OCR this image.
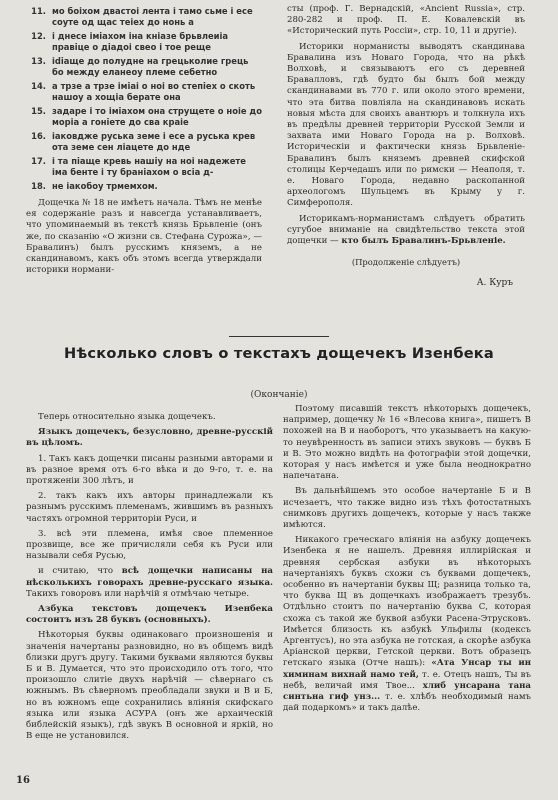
11. мо боіхом двастоі лента і тамо сьме і есе соуте од щас теіех до нонь а
12. і днесе імiахом іна кніазе брьвлеиіа правiце о дiадоі свео і тое реще
13. іdiаще до полудне на грецьколие грець бо между еланеоу племе себетно
14. а трзе а трзе імiаі о ноі во степiех о скоть нашоу а хощіа берате она
15. задаре і то імiахом она струщете о ноіе до моріа а гонiете до сва краіе
16. іаковдже руська земе і есе а руська крев ота земе сен ліацете до нде
17. і та пiаще кревь нашiу на ноі надежете іма бенте і ту бранiахом о всiа д-
18. не іакобоу трмемхом.

Дощечка № 18 не имѣетъ начала. Тѣмъ не менѣе ея содержаніе разъ и навсегда устанавливаетъ, что упоминаемый въ текстѣ князь Брьвленіе (онъ же, по сказанію «О жизни св. Стефана Сурожа», — Бравалинъ) былъ русскимъ княземъ, а не скандинавомъ, какъ объ этомъ всегда утверждали историки нормани-

сты (проф. Г. Вернадскій, «Ancient Russia», стр. 280-282 и проф. П. Е. Ковалевскій въ «Исторический путь Россіи», стр. 10, 11 и другіе).

Историки норманисты выводятъ скандинава Бравалина изъ Новаго Города, что на рѣкѣ Волховѣ, и связываютъ его съ деревней Бравалловъ, гдѣ будто бы былъ бой между скандинавами въ 770 г. или около этого времени, что эта битва повліяла на скандинавовъ искать новыя мѣста для своихъ авантюръ и толкнула ихъ въ предѣлы древней территоріи Русской Земли и захвата ими Новаго Города на р. Волховѣ. Историческіи и фактически князь Брьвленіе-Бравалинъ былъ княземъ древней скифской столицы Керчедашъ или по римски — Неаполя, т. е. Новаго Города, недавно раскопанной археологомъ Шульцемъ въ Крыму у г. Симферополя.

Историкамъ-норманистамъ слѣдуетъ обратить сугубое вниманіе на свидѣтельство текста этой дощечки — кто былъ Бравалинъ-Брьвленіе.

(Продолженіе слѣдуетъ)
А. Куръ
Нѣсколько словъ о текстахъ дощечекъ Изенбека
(Окончаніе)

Теперь относительно языка дощечекъ.

Языкъ дощечекъ, безусловно, древне-русскій въ цѣломъ.

1. Такъ какъ дощечки писаны разными авторами и въ разное время отъ 6-го вѣка и до 9-го, т. е. на протяженіи 300 лѣтъ, и

2. такъ какъ ихъ авторы принадлежали къ разнымъ русскимъ племенамъ, жившимъ въ разныхъ частяхъ огромной территоріи Руси, и

3. всѣ эти племена, имѣя свое племенное прозвище, все же причисляли себя къ Руси или называли себя Русью,

и считаю, что всѣ дощечки написаны на нѣсколькихъ говорахъ древне-русскаго языка. Такихъ говоровъ или нарѣчій я отмѣчаю четыре.

Азбука текстовъ дощечекъ Изенбека состоитъ изъ 28 буквъ (основныхъ).

Нѣкоторыя буквы одинаковаго произношенія и значенія начертаны разновидно, но въ общемъ видѣ близки другъ другу. Такими буквами являются буквы Б и В. Думается, что это происходило отъ того, что произошло слитіе двухъ нарѣчій — сѣвернаго съ южнымъ. Въ сѣверномъ преобладали звуки и В и Б, но въ южномъ еще сохранились вліянія скифскаго языка или языка АСУРА (онъ же архаическій библейскій языкъ), гдѣ звукъ В основной и яркій, но В еще не установился.

Поэтому писавшій текстъ нѣкоторыхъ дощечекъ, например, дощечку № 16 «Влесова книга», пишетъ В похожей на В и наоборотъ, что указываетъ на какую-то неувѣренность въ записи этихъ звуковъ — буквъ Б и В. Это можно видѣть на фотографіи этой дощечки, которая у насъ имѣется и уже была неоднократно напечатана.

Въ дальнѣйшемъ это особое начертаніе Б и В исчезаетъ, что также видно изъ тѣхъ фотостатныхъ снимковъ другихъ дощечекъ, которые у насъ также имѣются.

Никакого греческаго вліянія на азбуку дощечекъ Изенбека я не нашелъ. Древняя иллирійская и древняя сербская азбуки въ нѣкоторыхъ начертаніяхъ буквъ схожи съ буквами дощечекъ, особенно въ начертаніи буквы Щ; разница только та, что буква Щ въ дощечкахъ изображаетъ трезубъ. Отдѣльно стоитъ по начертанію буква С, которая схожа съ такой же буквой азбуки Расена-Этрусковъ. Имѣется близость къ азбукѣ Ульфилы (кодексъ Аргентусъ), но эта азбука не готская, а скорѣе азбука Аріанской церкви, Гетской церкви. Вотъ образецъ гетскаго языка (Отче нашъ): «Ата Унсар ты ин химинам вихнай намо тей, т. е. Отецъ нашъ, Ты въ небѣ, величай имя Твое... хлиб унсарана тана синтьна гиф унз... т. е. хлѣбъ необходимый намъ дай подаркомъ» и такъ далѣе.

16
